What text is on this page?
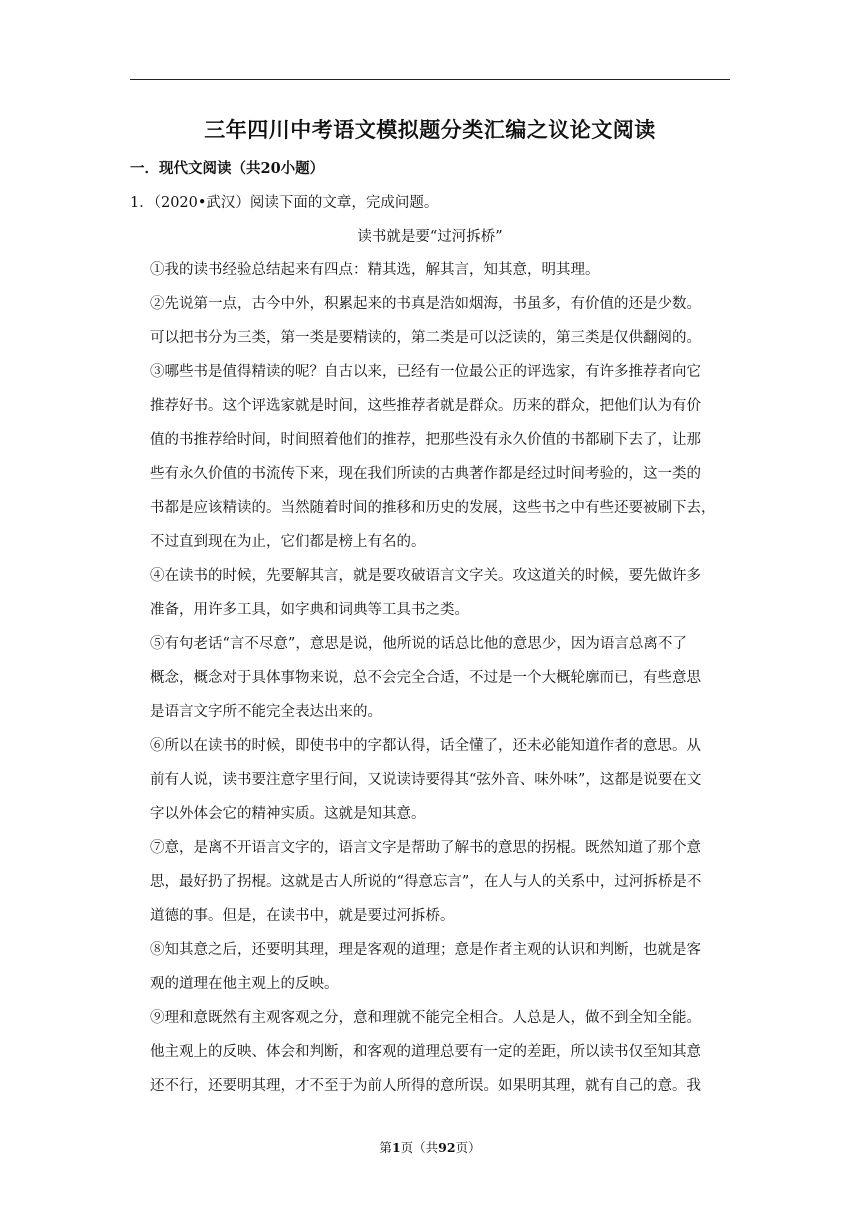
三年四川中考语文模拟题分类汇编之议论文阅读
一．现代文阅读（共20小题）
1．（2020•武汉）阅读下面的文章，完成问题。
读书就是要“过河拆桥”
①我的读书经验总结起来有四点：精其选，解其言，知其意，明其理。
②先说第一点，古今中外，积累起来的书真是浩如烟海，书虽多，有价值的还是少数。
可以把书分为三类，第一类是要精读的，第二类是可以泛读的，第三类是仅供翻阅的。
③哪些书是值得精读的呢？自古以来，已经有一位最公正的评选家，有许多推荐者向它
推荐好书。这个评选家就是时间，这些推荐者就是群众。历来的群众，把他们认为有价
值的书推荐给时间，时间照着他们的推荐，把那些没有永久价值的书都刷下去了，让那
些有永久价值的书流传下来，现在我们所读的古典著作都是经过时间考验的，这一类的
书都是应该精读的。当然随着时间的推移和历史的发展，这些书之中有些还要被刷下去，
不过直到现在为止，它们都是榜上有名的。
④在读书的时候，先要解其言，就是要攻破语言文字关。攻这道关的时候，要先做许多
准备，用许多工具，如字典和词典等工具书之类。
⑤有句老话“言不尽意”，意思是说，他所说的话总比他的意思少，因为语言总离不了
概念，概念对于具体事物来说，总不会完全合适，不过是一个大概轮廓而已，有些意思
是语言文字所不能完全表达出来的。
⑥所以在读书的时候，即使书中的字都认得，话全懂了，还未必能知道作者的意思。从
前有人说，读书要注意字里行间，又说读诗要得其“弦外音、味外味”，这都是说要在文
字以外体会它的精神实质。这就是知其意。
⑦意，是离不开语言文字的，语言文字是帮助了解书的意思的拐棍。既然知道了那个意
思，最好扔了拐棍。这就是古人所说的“得意忘言”，在人与人的关系中，过河拆桥是不
道德的事。但是，在读书中，就是要过河拆桥。
⑧知其意之后，还要明其理，理是客观的道理；意是作者主观的认识和判断，也就是客
观的道理在他主观上的反映。
⑨理和意既然有主观客观之分，意和理就不能完全相合。人总是人，做不到全知全能。
他主观上的反映、体会和判断，和客观的道理总要有一定的差距，所以读书仅至知其意
还不行，还要明其理，才不至于为前人所得的意所误。如果明其理，就有自己的意。我
第1页（共92页）
